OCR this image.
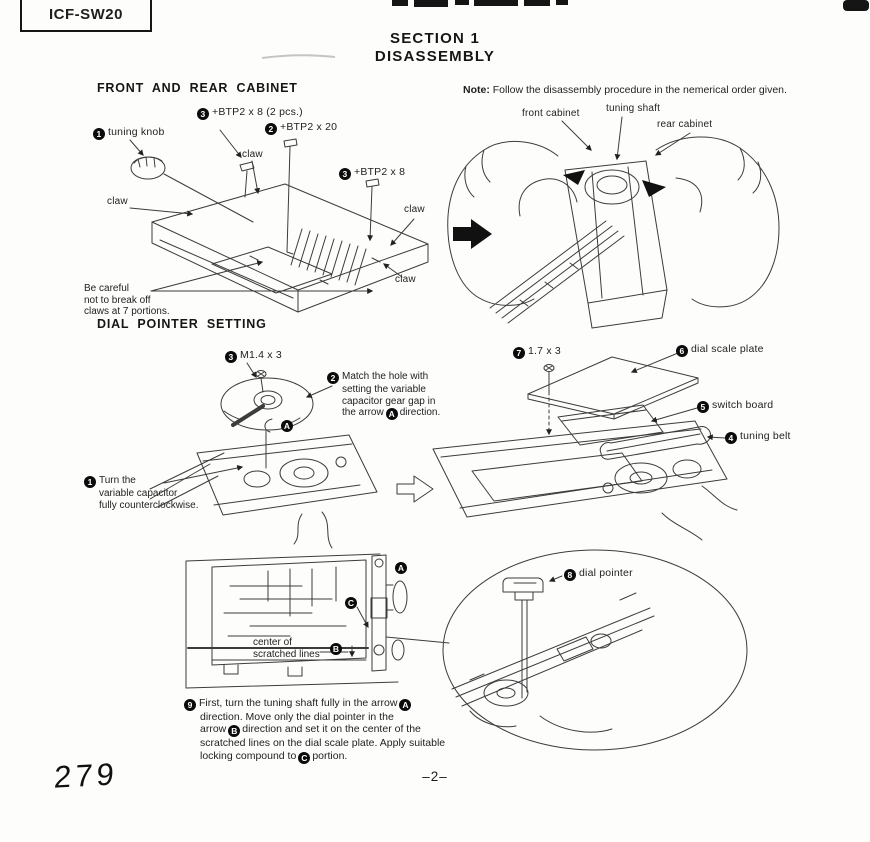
ICF-SW20
SECTION 1
DISASSEMBLY
FRONT AND REAR CABINET	Note: Follow the disassembly procedure in the nemerical order given.
3 +BTP2 x 8 (2 pcs.)
2 +BTP2 x 20
1 tuning knob
claw
3 +BTP2 x 8
claw
claw
claw
Be careful
not to break off
claws at 7 portions.
front cabinet	tuning shaft
rear cabinet
DIAL POINTER SETTING
3 M1.4 x 3
2 Match the hole with
setting the variable
capacitor gear gap in
the arrow A direction.
A
1 Turn the
variable capacitor
fully counterclockwise.
7 1.7 x 3	6 dial scale plate
5 switch board
4 tuning belt
A
C
B
center of
scratched lines
8 dial pointer
9 First, turn the tuning shaft fully in the arrow A
direction. Move only the dial pointer in the
arrow B direction and set it on the center of the
scratched lines on the dial scale plate. Apply suitable
locking compound to C portion.
279	–2–
